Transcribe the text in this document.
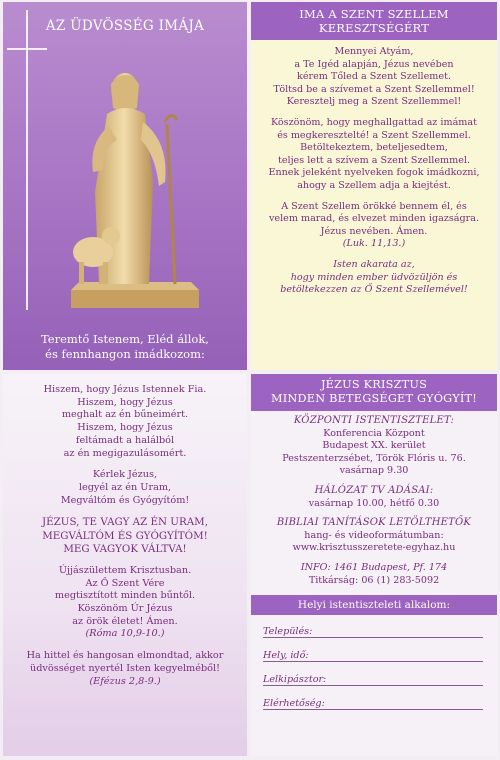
AZ ÜDVÖSSÉG IMÁJA
Teremtő Istenem, Eléd állok,
és fennhangon imádkozom:
IMA A SZENT SZELLEM
KERESZTSÉGÉRT

Mennyei Atyám,
a Te Igéd alapján, Jézus nevében
kérem Tőled a Szent Szellemet.
Töltsd be a szívemet a Szent Szellemmel!
Keresztelj meg a Szent Szellemmel!

Köszönöm, hogy meghallgattad az imámat
és megkeresztelté! a Szent Szellemmel.
Betöltekeztem, beteljesedtem,
teljes lett a szívem a Szent Szellemmel.
Ennek jeleként nyelveken fogok imádkozni,
ahogy a Szellem adja a kiejtést.

A Szent Szellem örökké bennem él, és
velem marad, és elvezet minden igazságra.
Jézus nevében. Ámen.
(Luk. 11,13.)

Isten akarata az,
hogy minden ember üdvözüljön és
betöltekezzen az Ő Szent Szellemével!

Hiszem, hogy Jézus Istennek Fia.
Hiszem, hogy Jézus
meghalt az én bűneimért.
Hiszem, hogy Jézus
feltámadt a halálból
az én megigazulásomért.

Kérlek Jézus,
legyél az én Uram,
Megváltóm és Gyógyítóm!

JÉZUS, TE VAGY AZ ÉN URAM,
MEGVÁLTÓM ÉS GYÓGYÍTÓM!
MEG VAGYOK VÁLTVA!

Újjászülettem Krisztusban.
Az Ő Szent Vére
megtisztított minden bűntől.
Köszönöm Úr Jézus
az örök életet! Ámen.
(Róma 10,9-10.)

Ha hittel és hangosan elmondtad, akkor
üdvösséget nyertél Isten kegyelméből!
(Efézus 2,8-9.)

JÉZUS KRISZTUS
MINDEN BETEGSÉGET GYÓGYÍT!
KÖZPONTI ISTENTISZTELET:
Konferencia Központ
Budapest XX. kerület
Pestszenterzsébet, Török Flóris u. 76.
vasárnap 9.30
HÁLÓZAT TV ADÁSAI:
vasárnap 10.00, hétfő 0.30
BIBLIAI TANÍTÁSOK LETÖLTHETŐK
hang- és videoformátumban:
www.krisztusszeretete-egyhaz.hu
INFO: 1461 Budapest, Pf. 174
Titkárság: 06 (1) 283-5092
Helyi istentiszteleti alkalom:
Település:
Hely, idő:
Lelkipásztor:
Elérhetőség:
